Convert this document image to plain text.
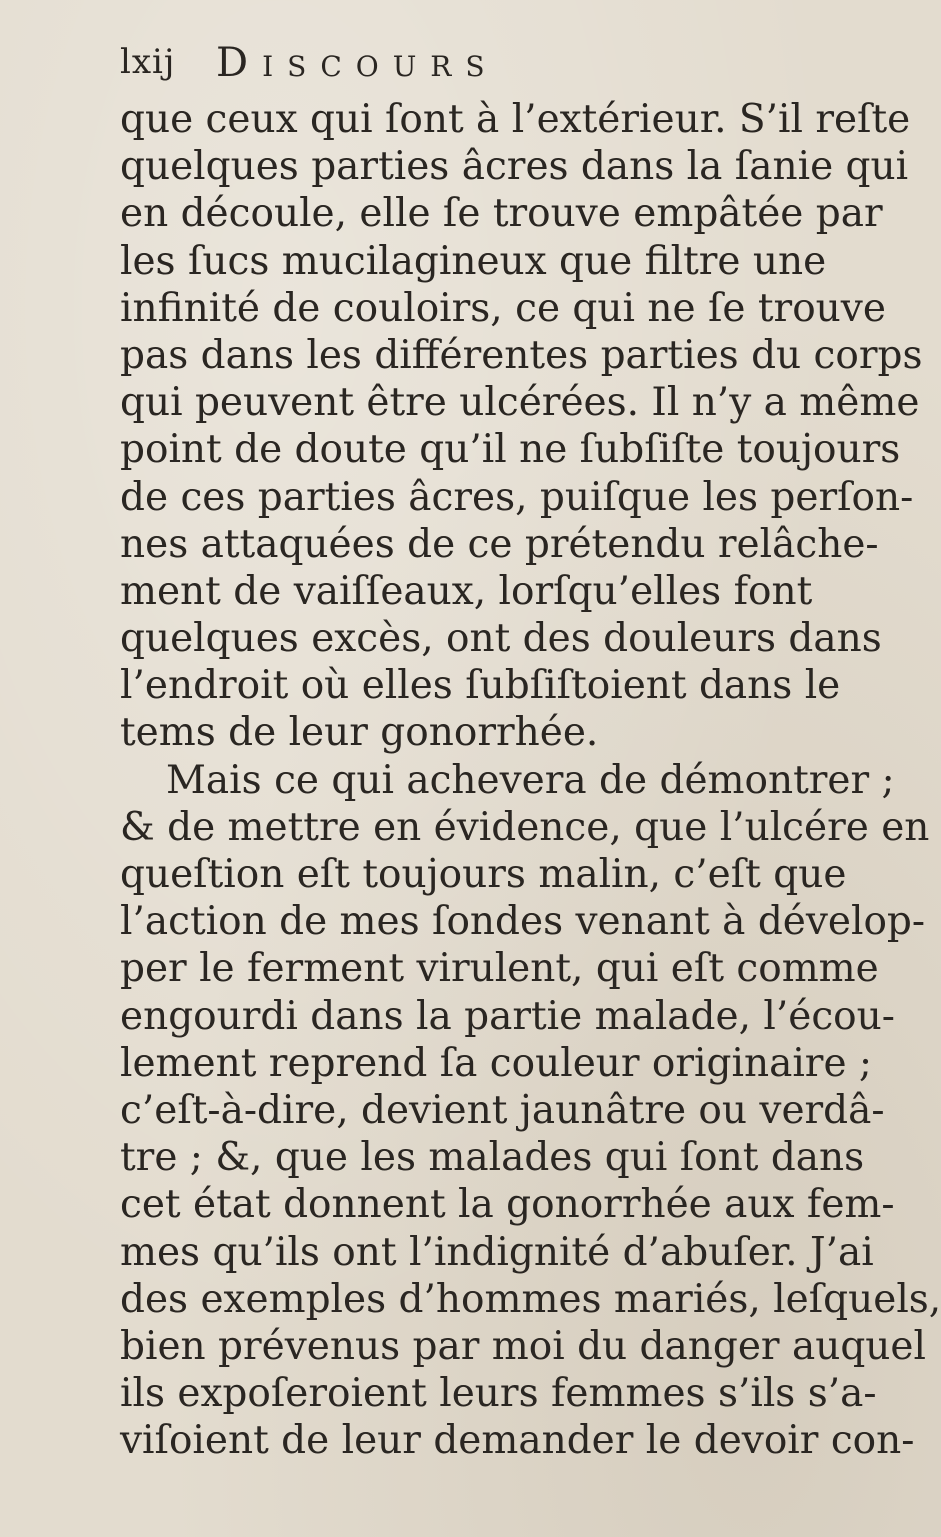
lxij Discours
que ceux qui ſont à l’extérieur. S’il reſte
quelques parties âcres dans la ſanie qui
en découle, elle ſe trouve empâtée par
les ſucs mucilagineux que filtre une
infinité de couloirs, ce qui ne ſe trouve
pas dans les différentes parties du corps
qui peuvent être ulcérées. Il n’y a même
point de doute qu’il ne ſubſiſte toujours
de ces parties âcres, puiſque les perſon-
nes attaquées de ce prétendu relâche-
ment de vaiſſeaux, lorſqu’elles font
quelques excès, ont des douleurs dans
l’endroit où elles ſubſiſtoient dans le
tems de leur gonorrhée.
Mais ce qui achevera de démontrer ;
& de mettre en évidence, que l’ulcére en
queſtion eſt toujours malin, c’eſt que
l’action de mes ſondes venant à dévelop-
per le ferment virulent, qui eſt comme
engourdi dans la partie malade, l’écou-
lement reprend ſa couleur originaire ;
c’eſt-à-dire, devient jaunâtre ou verdâ-
tre ; &, que les malades qui ſont dans
cet état donnent la gonorrhée aux fem-
mes qu’ils ont l’indignité d’abuſer. J’ai
des exemples d’hommes mariés, leſquels,
bien prévenus par moi du danger auquel
ils expoſeroient leurs femmes s’ils s’a-
viſoient de leur demander le devoir con-
